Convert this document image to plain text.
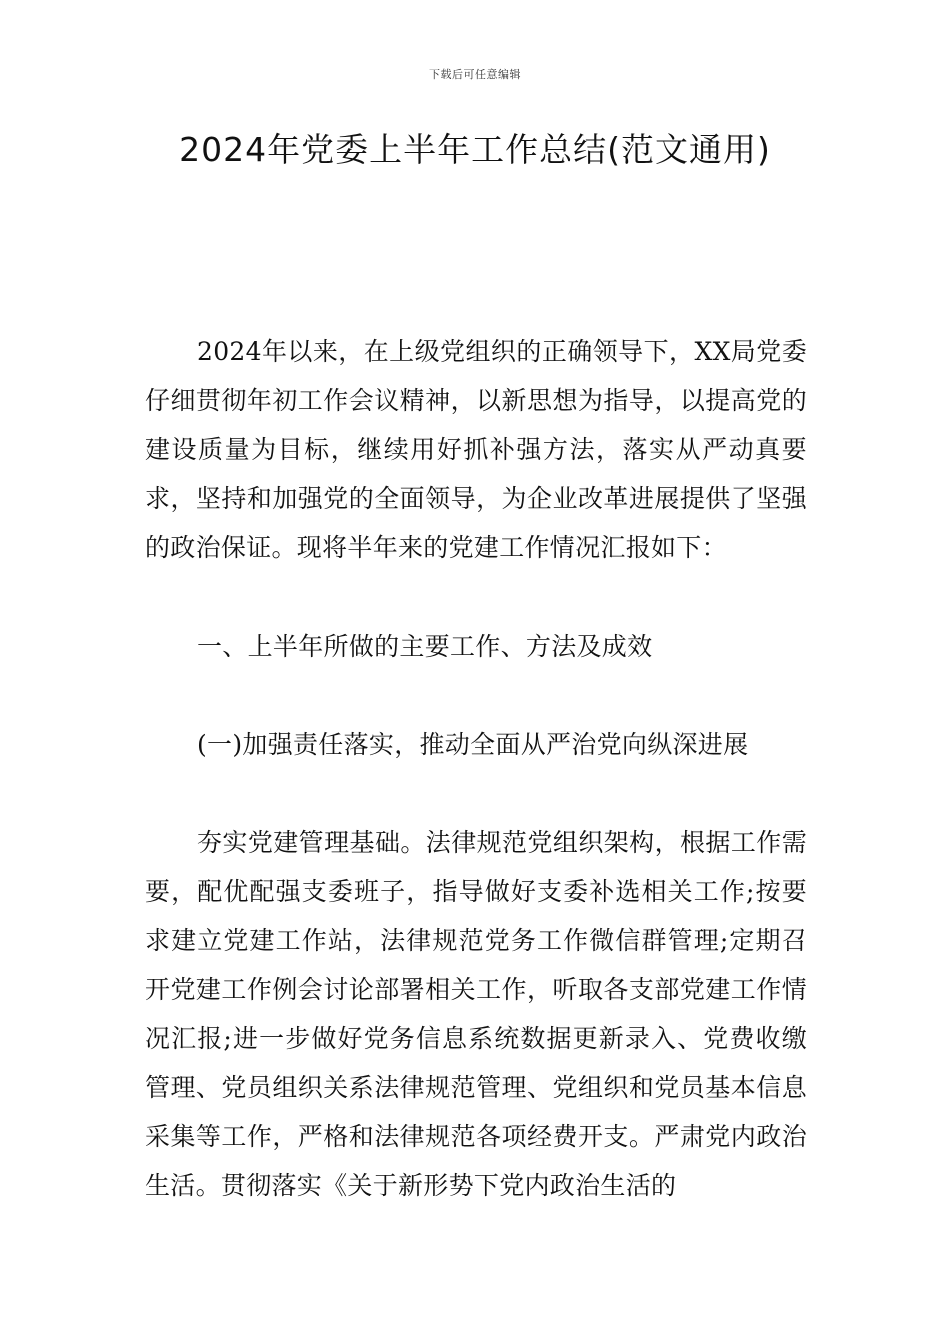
下载后可任意编辑
2024年党委上半年工作总结(范文通用)
2024年以来，在上级党组织的正确领导下，XX局党委仔细贯彻年初工作会议精神，以新思想为指导，以提高党的建设质量为目标，继续用好抓补强方法，落实从严动真要求，坚持和加强党的全面领导，为企业改革进展提供了坚强的政治保证。现将半年来的党建工作情况汇报如下：
一、上半年所做的主要工作、方法及成效
(一)加强责任落实，推动全面从严治党向纵深进展
夯实党建管理基础。法律规范党组织架构，根据工作需要，配优配强支委班子，指导做好支委补选相关工作;按要求建立党建工作站，法律规范党务工作微信群管理;定期召开党建工作例会讨论部署相关工作，听取各支部党建工作情况汇报;进一步做好党务信息系统数据更新录入、党费收缴管理、党员组织关系法律规范管理、党组织和党员基本信息采集等工作，严格和法律规范各项经费开支。严肃党内政治生活。贯彻落实《关于新形势下党内政治生活的
